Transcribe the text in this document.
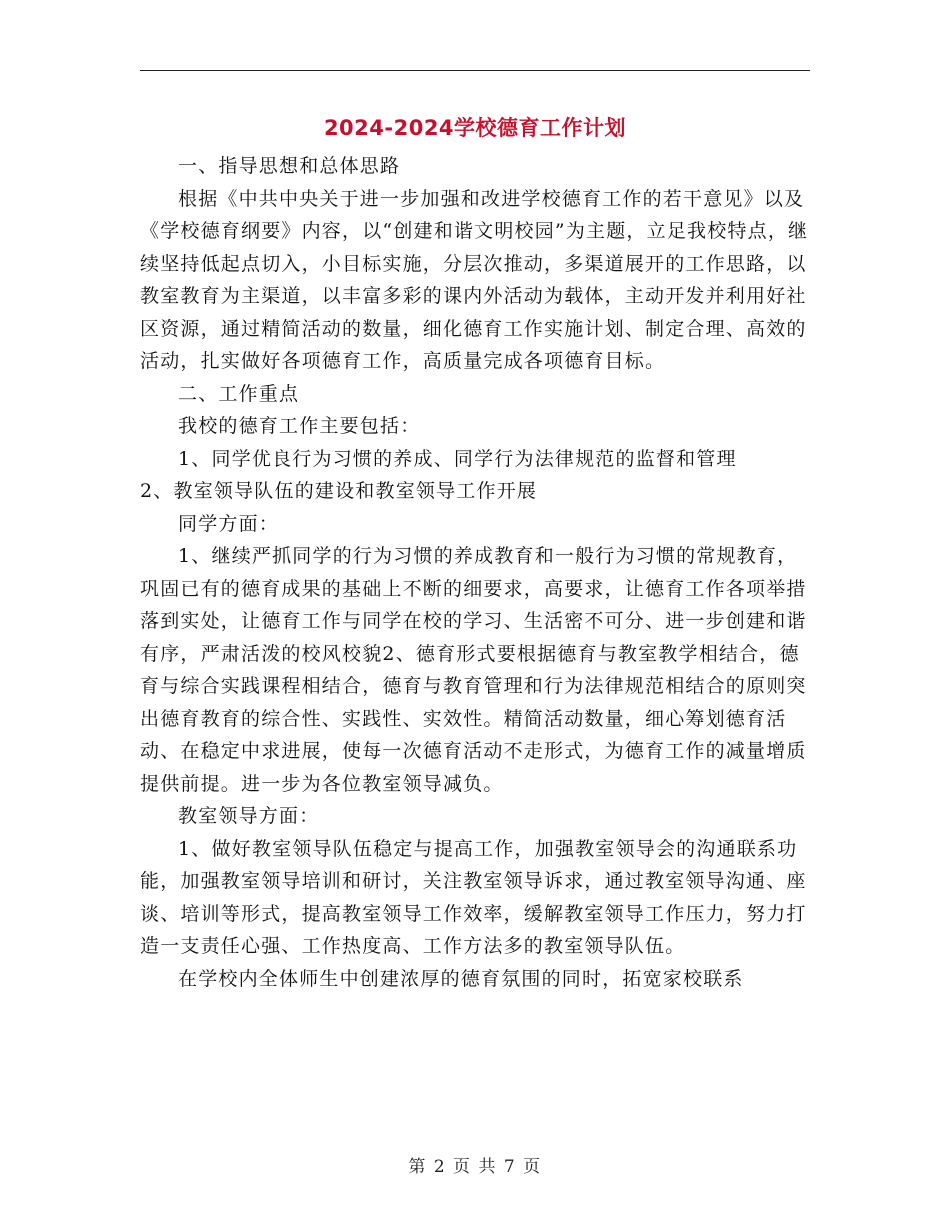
2024-2024学校德育工作计划

一、指导思想和总体思路

根据《中共中央关于进一步加强和改进学校德育工作的若干意见》以及《学校德育纲要》内容，以“创建和谐文明校园”为主题，立足我校特点，继续坚持低起点切入，小目标实施，分层次推动，多渠道展开的工作思路，以教室教育为主渠道，以丰富多彩的课内外活动为载体，主动开发并利用好社区资源，通过精简活动的数量，细化德育工作实施计划、制定合理、高效的活动，扎实做好各项德育工作，高质量完成各项德育目标。

二、工作重点

我校的德育工作主要包括：

1、同学优良行为习惯的养成、同学行为法律规范的监督和管理

2、教室领导队伍的建设和教室领导工作开展

同学方面：

1、继续严抓同学的行为习惯的养成教育和一般行为习惯的常规教育，巩固已有的德育成果的基础上不断的细要求，高要求，让德育工作各项举措落到实处，让德育工作与同学在校的学习、生活密不可分、进一步创建和谐有序，严肃活泼的校风校貌2、德育形式要根据德育与教室教学相结合，德育与综合实践课程相结合，德育与教育管理和行为法律规范相结合的原则突出德育教育的综合性、实践性、实效性。精简活动数量，细心筹划德育活动、在稳定中求进展，使每一次德育活动不走形式，为德育工作的减量增质提供前提。进一步为各位教室领导减负。

教室领导方面：

1、做好教室领导队伍稳定与提高工作，加强教室领导会的沟通联系功能，加强教室领导培训和研讨，关注教室领导诉求，通过教室领导沟通、座谈、培训等形式，提高教室领导工作效率，缓解教室领导工作压力，努力打造一支责任心强、工作热度高、工作方法多的教室领导队伍。

在学校内全体师生中创建浓厚的德育氛围的同时，拓宽家校联系

第 2 页 共 7 页
